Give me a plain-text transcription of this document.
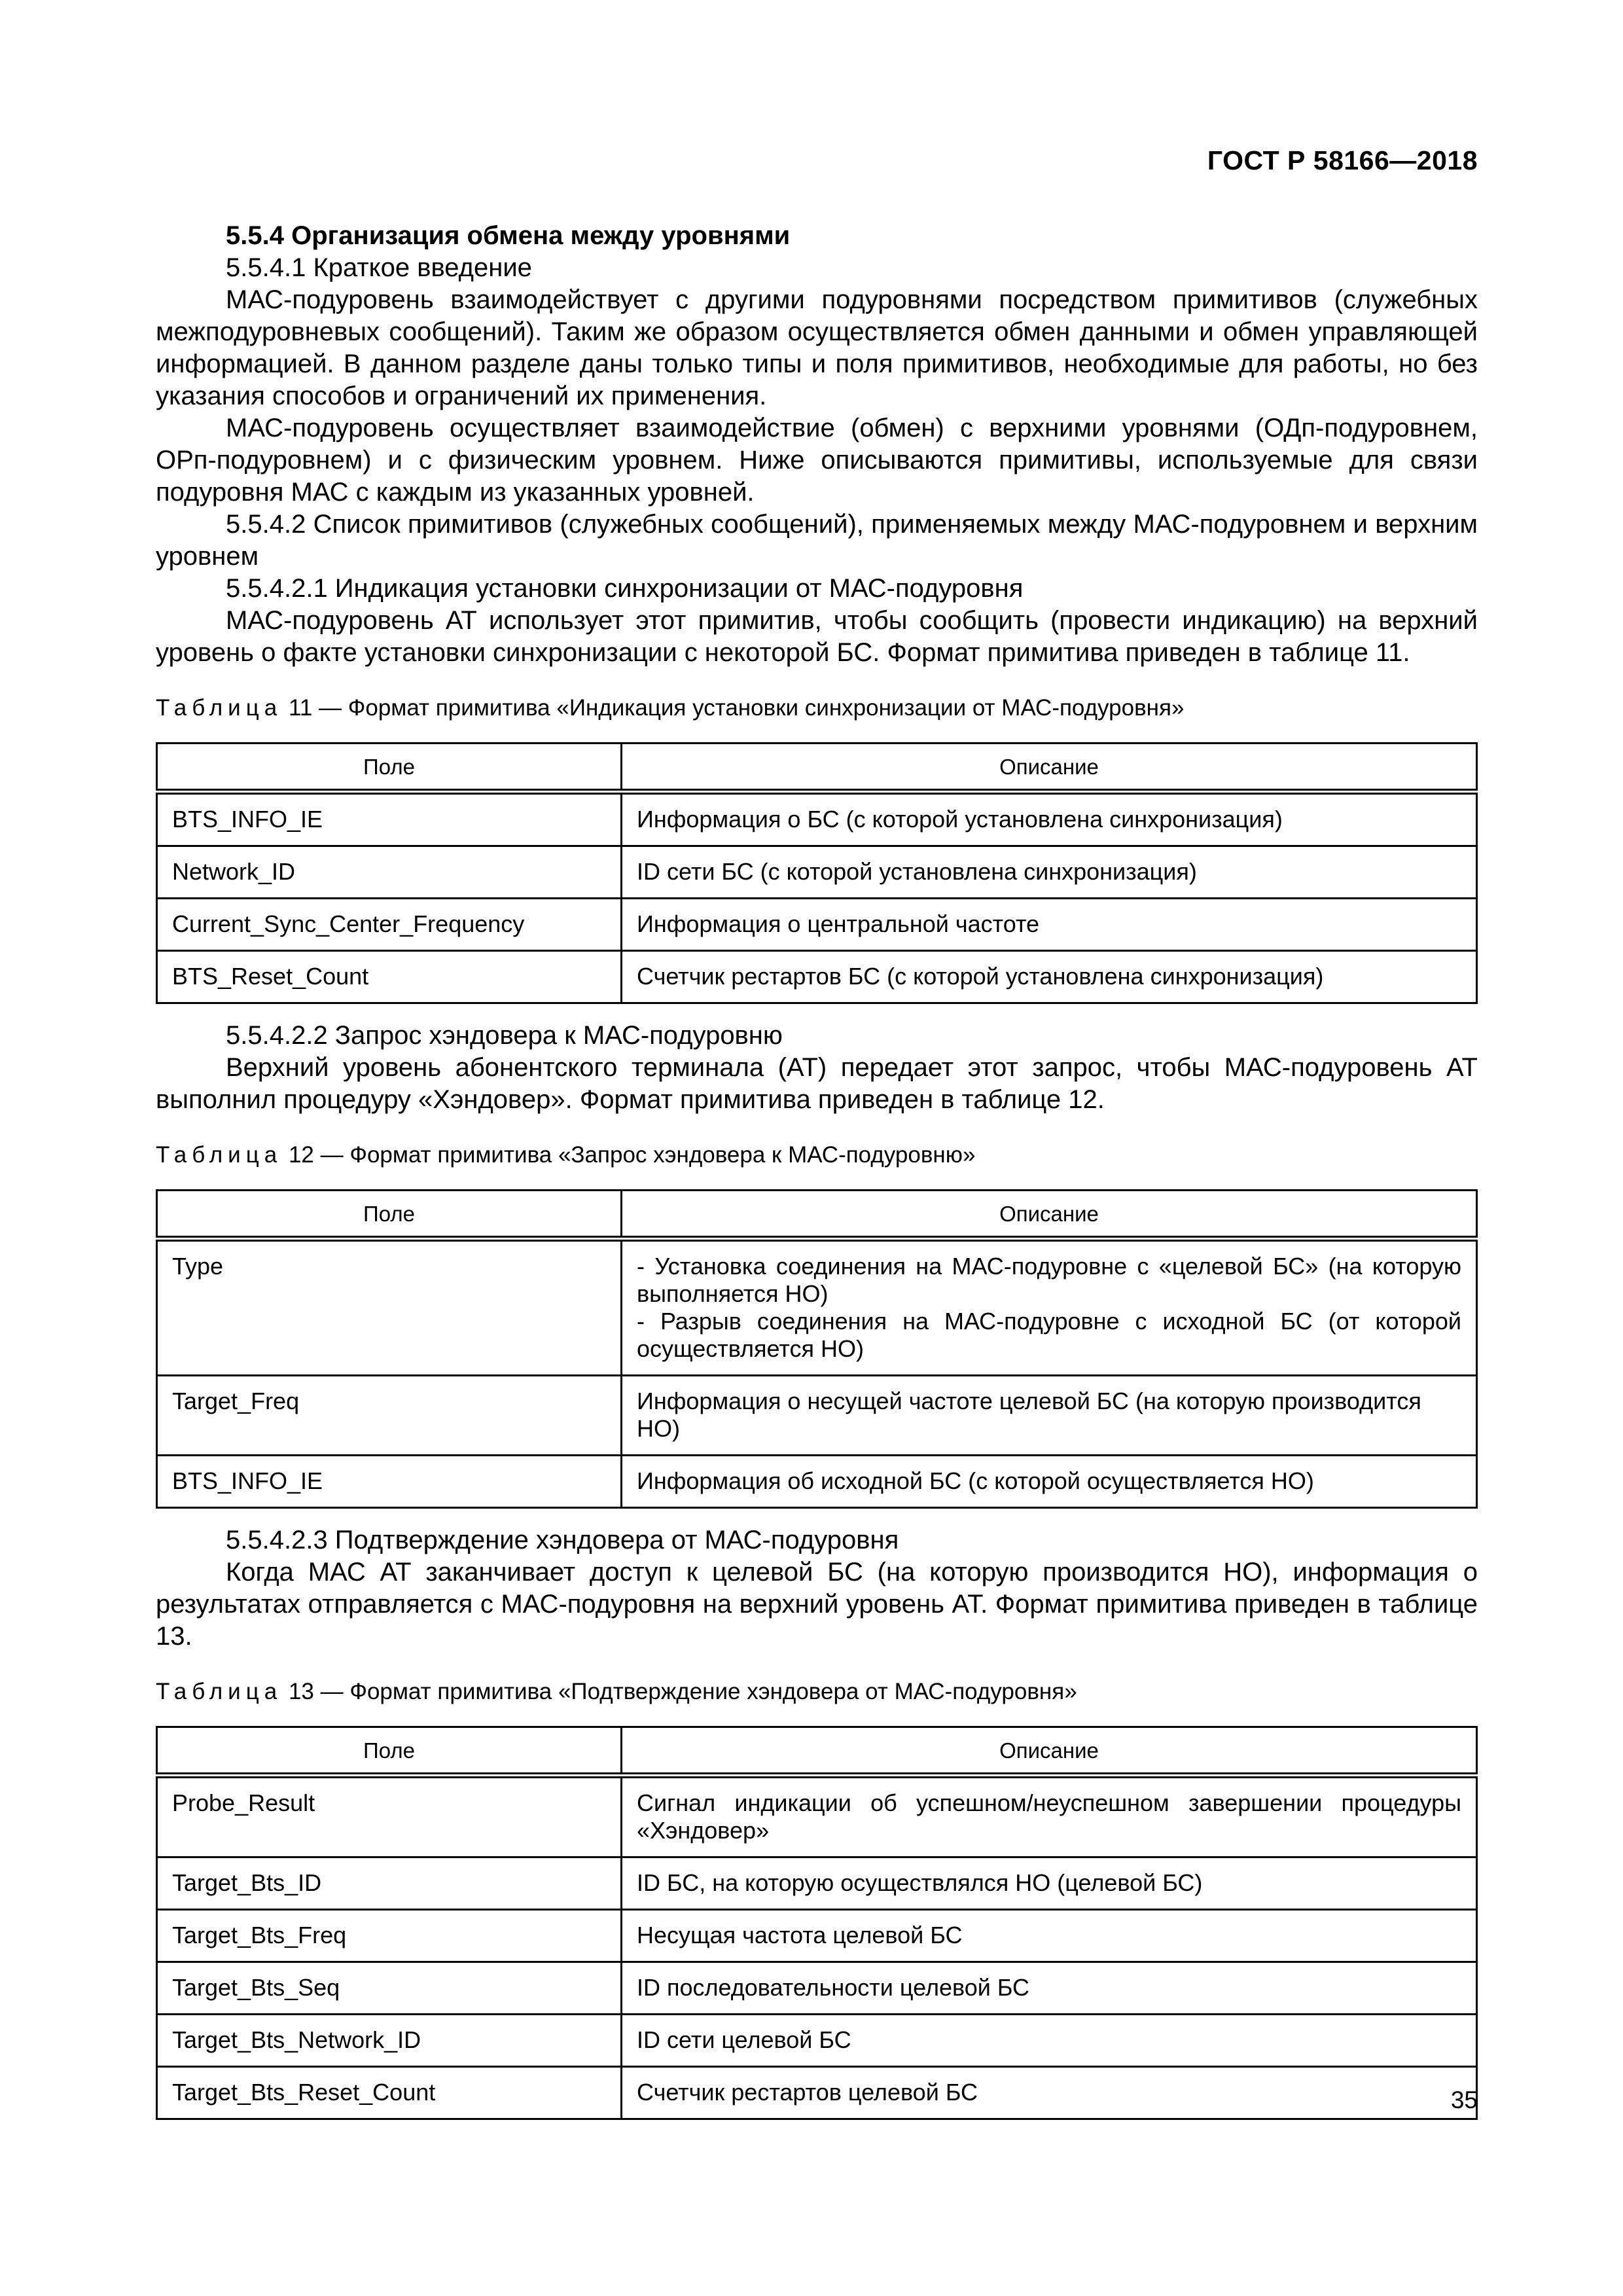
ГОСТ Р 58166—2018

5.5.4 Организация обмена между уровнями

5.5.4.1 Краткое введение

МАС-подуровень взаимодействует с другими подуровнями посредством примитивов (служебных межподуровневых сообщений). Таким же образом осуществляется обмен данными и обмен управляющей информацией. В данном разделе даны только типы и поля примитивов, необходимые для работы, но без указания способов и ограничений их применения.

МАС-подуровень осуществляет взаимодействие (обмен) с верхними уровнями (ОДп-подуровнем, ОРп-подуровнем) и с физическим уровнем. Ниже описываются примитивы, используемые для связи подуровня МАС с каждым из указанных уровней.

5.5.4.2 Список примитивов (служебных сообщений), применяемых между МАС-подуровнем и верхним уровнем

5.5.4.2.1 Индикация установки синхронизации от МАС-подуровня

МАС-подуровень АТ использует этот примитив, чтобы сообщить (провести индикацию) на верхний уровень о факте установки синхронизации с некоторой БС. Формат примитива приведен в таблице 11.

Таблица 11 — Формат примитива «Индикация установки синхронизации от МАС-подуровня»

Поле	Описание
BTS_INFO_IE	Информация о БС (с которой установлена синхронизация)
Network_ID	ID сети БС (с которой установлена синхронизация)
Current_Sync_Center_Frequency	Информация о центральной частоте
BTS_Reset_Count	Счетчик рестартов БС (с которой установлена синхронизация)

5.5.4.2.2 Запрос хэндовера к МАС-подуровню

Верхний уровень абонентского терминала (АТ) передает этот запрос, чтобы МАС-подуровень АТ выполнил процедуру «Хэндовер». Формат примитива приведен в таблице 12.

Таблица 12 — Формат примитива «Запрос хэндовера к МАС-подуровню»

Поле	Описание
Type	- Установка соединения на МАС-подуровне с «целевой БС» (на которую выполняется НО)
- Разрыв соединения на МАС-подуровне с исходной БС (от которой осуществляется НО)

Target_Freq	Информация о несущей частоте целевой БС (на которую производится НО)
BTS_INFO_IE	Информация об исходной БС (с которой осуществляется НО)

5.5.4.2.3 Подтверждение хэндовера от МАС-подуровня

Когда МАС АТ заканчивает доступ к целевой БС (на которую производится НО), информация о результатах отправляется с МАС-подуровня на верхний уровень АТ. Формат примитива приведен в таблице 13.

Таблица 13 — Формат примитива «Подтверждение хэндовера от МАС-подуровня»

Поле	Описание
Probe_Result	Сигнал индикации об успешном/неуспешном завершении процедуры «Хэндовер»
Target_Bts_ID	ID БС, на которую осуществлялся НО (целевой БС)
Target_Bts_Freq	Несущая частота целевой БС
Target_Bts_Seq	ID последовательности целевой БС
Target_Bts_Network_ID	ID сети целевой БС
Target_Bts_Reset_Count	Счетчик рестартов целевой БС	35
